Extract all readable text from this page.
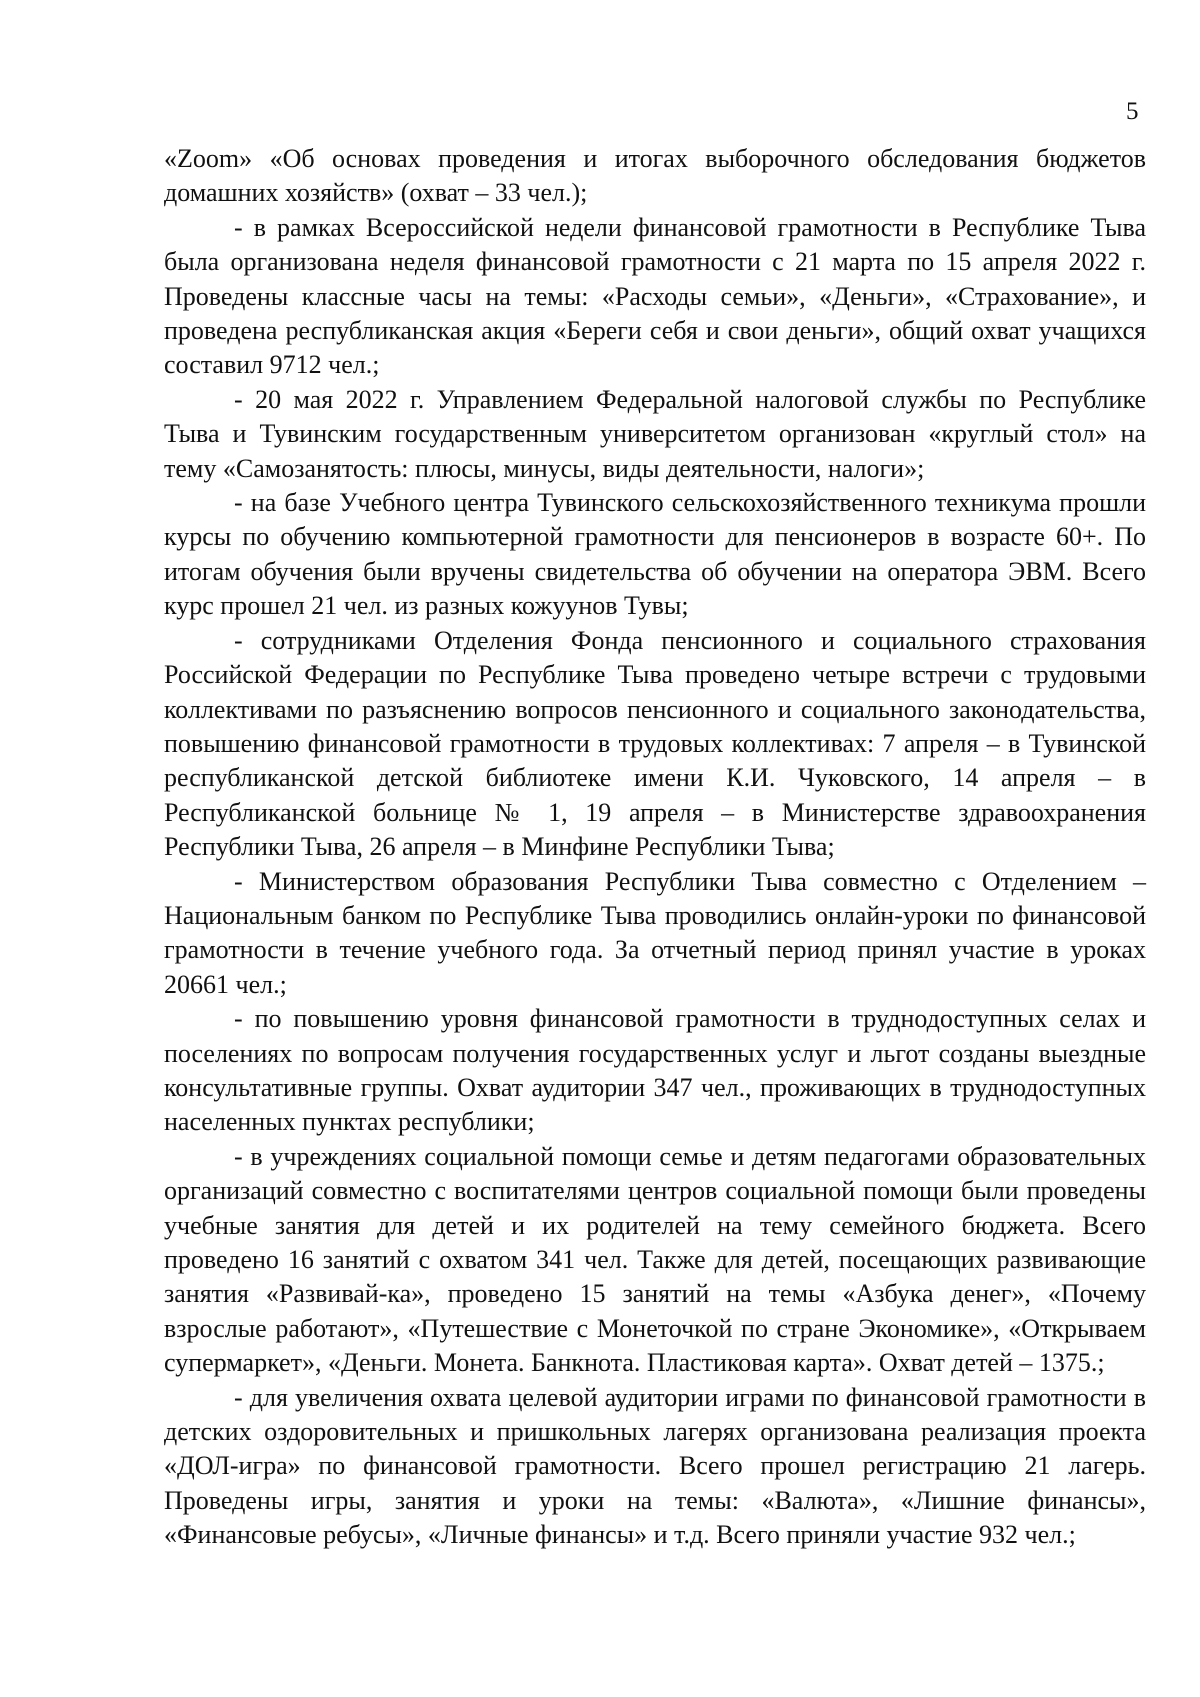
5

«Zoom» «Об основах проведения и итогах выборочного обследования бюджетов домашних хозяйств» (охват – 33 чел.);

- в рамках Всероссийской недели финансовой грамотности в Республике Тыва была организована неделя финансовой грамотности с 21 марта по 15 апреля 2022 г. Проведены классные часы на темы: «Расходы семьи», «Деньги», «Страхование», и проведена республиканская акция «Береги себя и свои деньги», общий охват учащихся составил 9712 чел.;

- 20 мая 2022 г. Управлением Федеральной налоговой службы по Республике Тыва и Тувинским государственным университетом организован «круглый стол» на тему «Самозанятость: плюсы, минусы, виды деятельности, налоги»;

- на базе Учебного центра Тувинского сельскохозяйственного техникума прошли курсы по обучению компьютерной грамотности для пенсионеров в возрасте 60+. По итогам обучения были вручены свидетельства об обучении на оператора ЭВМ. Всего курс прошел 21 чел. из разных кожуунов Тувы;

- сотрудниками Отделения Фонда пенсионного и социального страхования Российской Федерации по Республике Тыва проведено четыре встречи с трудовыми коллективами по разъяснению вопросов пенсионного и социального законодательства, повышению финансовой грамотности в трудовых коллективах: 7 апреля – в Тувинской республиканской детской библиотеке имени К.И. Чуковского, 14 апреля – в Республиканской больнице № 1, 19 апреля – в Министерстве здравоохранения Республики Тыва, 26 апреля – в Минфине Республики Тыва;

- Министерством образования Республики Тыва совместно с Отделением – Национальным банком по Республике Тыва проводились онлайн-уроки по финансовой грамотности в течение учебного года. За отчетный период принял участие в уроках 20661 чел.;

- по повышению уровня финансовой грамотности в труднодоступных селах и поселениях по вопросам получения государственных услуг и льгот созданы выездные консультативные группы. Охват аудитории 347 чел., проживающих в труднодоступных населенных пунктах республики;

- в учреждениях социальной помощи семье и детям педагогами образовательных организаций совместно с воспитателями центров социальной помощи были проведены учебные занятия для детей и их родителей на тему семейного бюджета. Всего проведено 16 занятий с охватом 341 чел. Также для детей, посещающих развивающие занятия «Развивай-ка», проведено 15 занятий на темы «Азбука денег», «Почему взрослые работают», «Путешествие с Монеточкой по стране Экономике», «Открываем супермаркет», «Деньги. Монета. Банкнота. Пластиковая карта». Охват детей – 1375.;

- для увеличения охвата целевой аудитории играми по финансовой грамотности в детских оздоровительных и пришкольных лагерях организована реализация проекта «ДОЛ-игра» по финансовой грамотности. Всего прошел регистрацию 21 лагерь. Проведены игры, занятия и уроки на темы: «Валюта», «Лишние финансы», «Финансовые ребусы», «Личные финансы» и т.д. Всего приняли участие 932 чел.;
